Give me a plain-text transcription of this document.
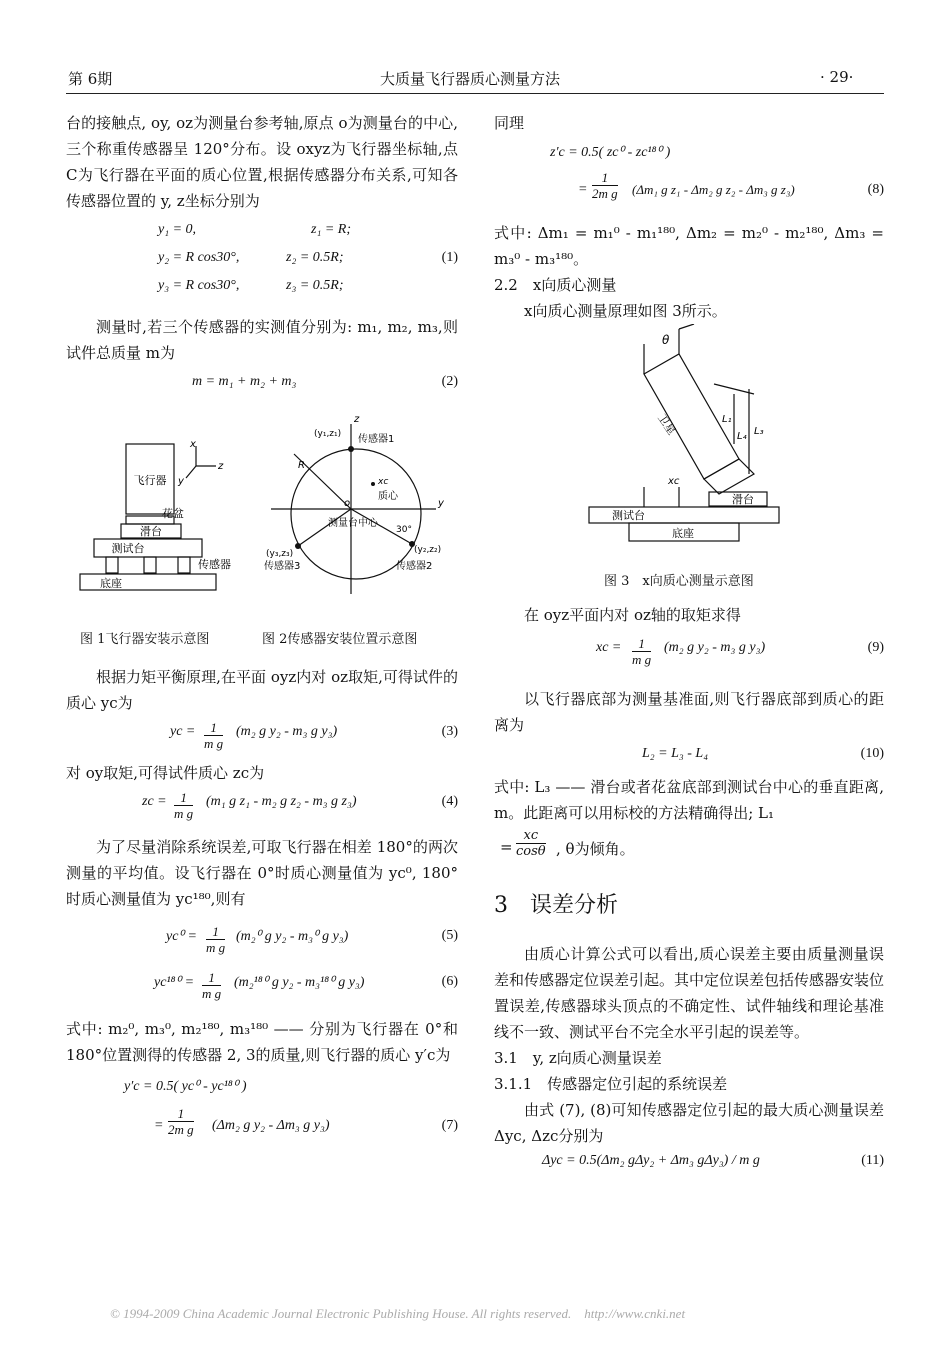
第 6期	大质量飞行器质心测量方法	· 29·

台的接触点, oy, oz为测量台参考轴,原点 o为测量台的中心,三个称重传感器呈 120°分布。设 oxyz为飞行器坐标轴,点 C为飞行器在平面的质心位置,根据传感器分布关系,可知各传感器位置的 y, z坐标分别为

y₁ = 0,	z₁ = R;
y₂ = R cos30°,	z₂ = 0.5R;	(1)
y₃ = R cos30°,	z₃ = 0.5R;

测量时,若三个传感器的实测值分别为: m₁, m₂, m₃,则试件总质量 m为

m = m₁ + m₂ + m₃	(2)
飞行器
花盆
滑台
测试台
传感器
底座
x
z
y
传感器1
(y₁,z₁)
传感器2
(y₂,z₂)
传感器3
(y₃,z₃)
质心
xc
测量台中心
30°
R
o	y
z
图 1飞行器安装示意图	图 2传感器安装位置示意图

根据力矩平衡原理,在平面 oyz内对 oz取矩,可得试件的质心 yc为

yc = $\frac{1}{\text{m g}} (m_2$ g y₂ - m₃ g y₃)	(3)

对 oy取矩,可得试件质心 zc为

zc = $\frac{1}{\text{m g}} (m_1$ g z₁ - m₂ g z₂ - m₃ g z₃)	(4)

为了尽量消除系统误差,可取飞行器在相差 180°的两次测量的平均值。设飞行器在 0°时质心测量值为 yc⁰, 180°时质心测量值为 yc¹⁸⁰,则有

$yc^0 = \frac{1}{\text{m g}} (m_2^0$ g y₂ - m₃⁰ g y₃)	(5)
$yc^{180} = \frac{1}{\text{m g}} (m_2^{180}$ g y₂ - m₃¹⁸⁰ g y₃)	(6)

式中: m₂⁰, m₃⁰, m₂¹⁸⁰, m₃¹⁸⁰ —— 分别为飞行器在 0°和 180°位置测得的传感器 2, 3的质量,则飞行器的质心 y′c为

y′c = 0.5( yc⁰ - yc¹⁸⁰ )
= $\frac{1}{\text{2m g}} (\Delta m_2$ g y₂ - Δm₃ g y₃)	(7)

同理

z′c = 0.5( zc⁰ - zc¹⁸⁰ )
= $\frac{1}{\text{2m g}} (\Delta m_1$ g z₁ - Δm₂ g z₂ - Δm₃ g z₃)	(8)

式中: Δm₁ = m₁⁰ - m₁¹⁸⁰, Δm₂ = m₂⁰ - m₂¹⁸⁰, Δm₃ = m₃⁰ - m₃¹⁸⁰。

2.2　x向质心测量

x向质心测量原理如图 3所示。

θ
卫星	L₁
L₃
L₄
xc
滑台
测试台
底座
图 3　x向质心测量示意图

在 oyz平面内对 oz轴的取矩求得

xc = $\frac{1}{\text{m g}} (m_2$ g y₂ - m₃ g y₃)	(9)

以飞行器底部为测量基准面,则飞行器底部到质心的距离为

L₂ = L₃ - L₄	(10)

式中: L₃ —— 滑台或者花盆底部到测试台中心的垂直距离, m。此距离可以用标校的方法精确得出; L₁

= $\frac{xc}{\cos\theta}$ , θ为倾角。

3　误差分析

由质心计算公式可以看出,质心误差主要由质量测量误差和传感器定位误差引起。其中定位误差包括传感器安装位置误差,传感器球头顶点的不确定性、试件轴线和理论基准线不一致、测试平台不完全水平引起的误差等。

3.1　y, z向质心测量误差

3.1.1　传感器定位引起的系统误差

由式 (7), (8)可知传感器定位引起的最大质心测量误差 Δyc, Δzc分别为

Δyc = 0.5(Δm₂ gΔy₂ + Δm₃ gΔy₃) / m g	(11)
© 1994-2009 China Academic Journal Electronic Publishing House. All rights reserved.　http://www.cnki.net
